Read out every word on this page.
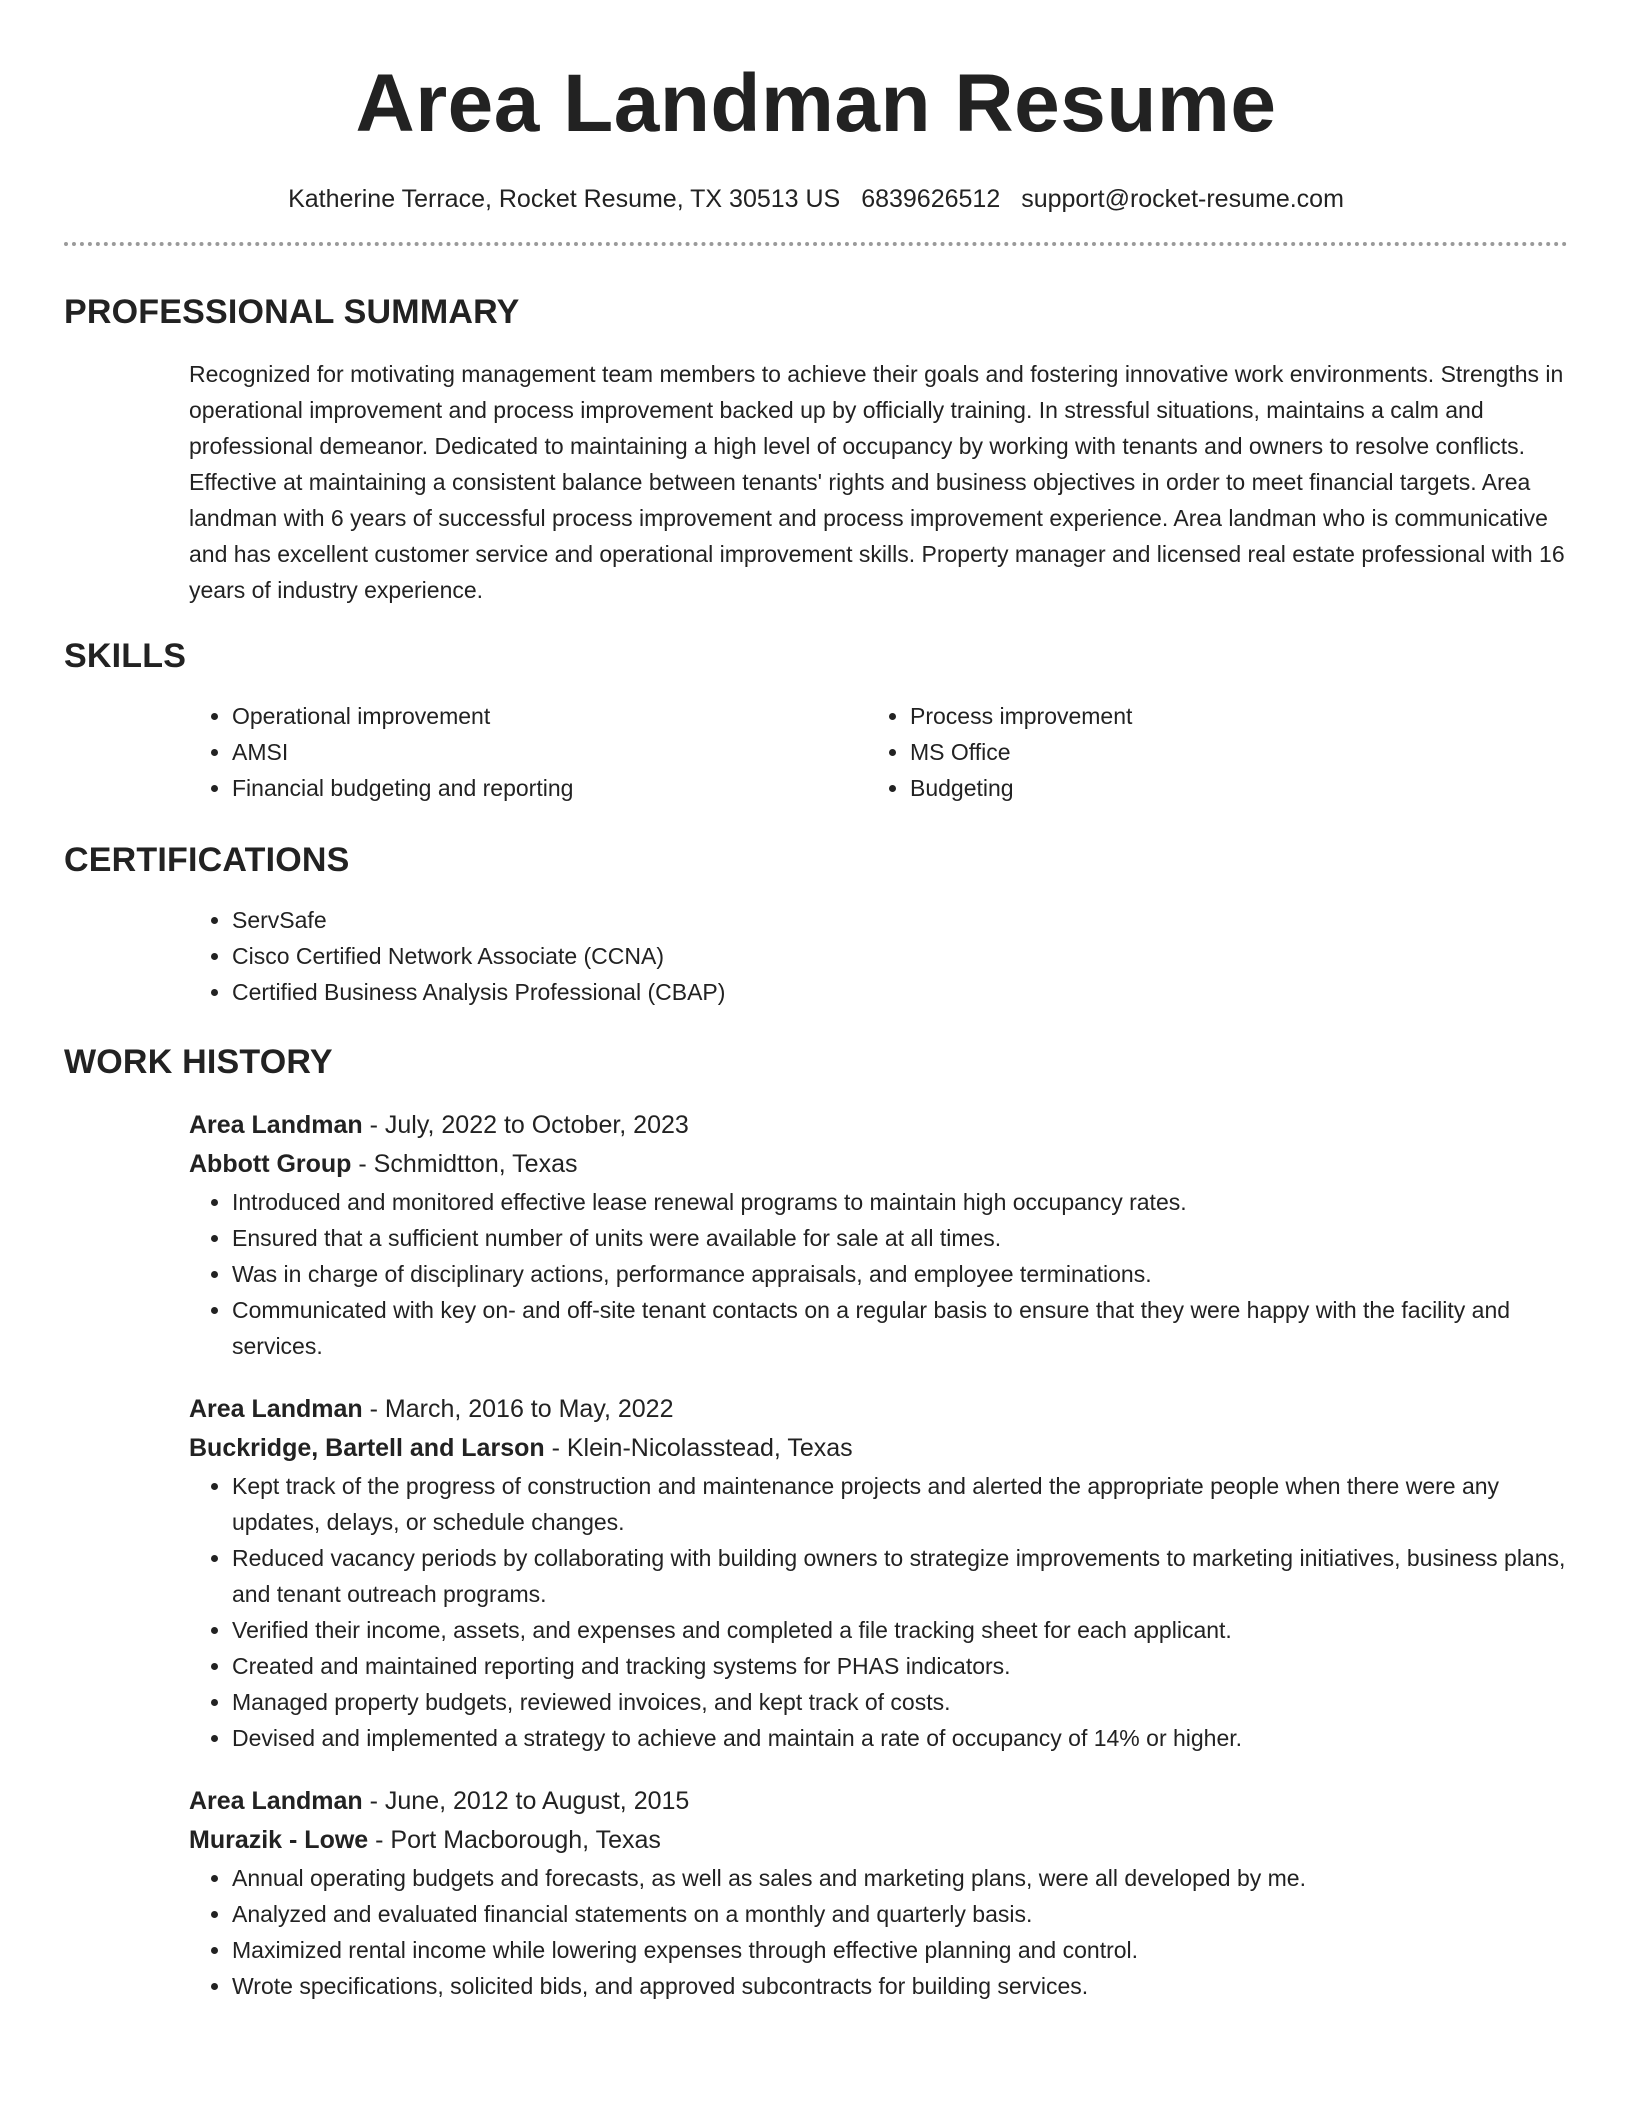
Area Landman Resume
Katherine Terrace, Rocket Resume, TX 30513 US 6839626512 support@rocket-resume.com
PROFESSIONAL SUMMARY

Recognized for motivating management team members to achieve their goals and fostering innovative work environments. Strengths in operational improvement and process improvement backed up by officially training. In stressful situations, maintains a calm and professional demeanor. Dedicated to maintaining a high level of occupancy by working with tenants and owners to resolve conflicts. Effective at maintaining a consistent balance between tenants' rights and business objectives in order to meet financial targets. Area landman with 6 years of successful process improvement and process improvement experience. Area landman who is communicative and has excellent customer service and operational improvement skills. Property manager and licensed real estate professional with 16 years of industry experience.

SKILLS
• Operational improvement
• AMSI
• Financial budgeting and reporting
• Process improvement
• MS Office
• Budgeting
CERTIFICATIONS
• ServSafe
• Cisco Certified Network Associate (CCNA)
• Certified Business Analysis Professional (CBAP)
WORK HISTORY
Area Landman - July, 2022 to October, 2023
Abbott Group - Schmidtton, Texas
• Introduced and monitored effective lease renewal programs to maintain high occupancy rates.
• Ensured that a sufficient number of units were available for sale at all times.
• Was in charge of disciplinary actions, performance appraisals, and employee terminations.
• Communicated with key on- and off-site tenant contacts on a regular basis to ensure that they were happy with the facility and services.
Area Landman - March, 2016 to May, 2022
Buckridge, Bartell and Larson - Klein-Nicolasstead, Texas
• Kept track of the progress of construction and maintenance projects and alerted the appropriate people when there were any updates, delays, or schedule changes.
• Reduced vacancy periods by collaborating with building owners to strategize improvements to marketing initiatives, business plans, and tenant outreach programs.
• Verified their income, assets, and expenses and completed a file tracking sheet for each applicant.
• Created and maintained reporting and tracking systems for PHAS indicators.
• Managed property budgets, reviewed invoices, and kept track of costs.
• Devised and implemented a strategy to achieve and maintain a rate of occupancy of 14% or higher.
Area Landman - June, 2012 to August, 2015
Murazik - Lowe - Port Macborough, Texas
• Annual operating budgets and forecasts, as well as sales and marketing plans, were all developed by me.
• Analyzed and evaluated financial statements on a monthly and quarterly basis.
• Maximized rental income while lowering expenses through effective planning and control.
• Wrote specifications, solicited bids, and approved subcontracts for building services.
